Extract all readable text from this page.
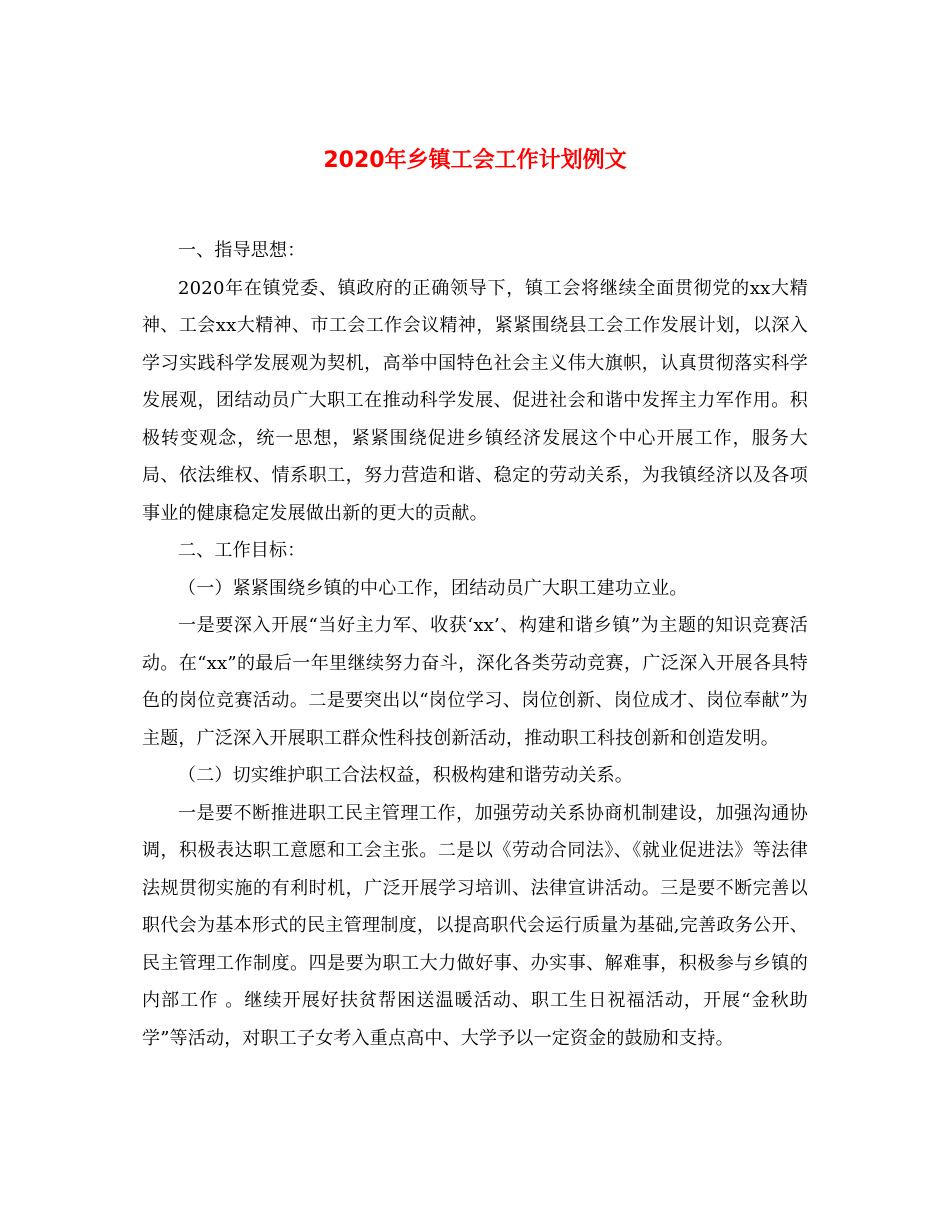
2020年乡镇工会工作计划例文

一、指导思想：

2020年在镇党委、镇政府的正确领导下，镇工会将继续全面贯彻党的xx大精神、工会xx大精神、市工会工作会议精神，紧紧围绕县工会工作发展计划，以深入学习实践科学发展观为契机，高举中国特色社会主义伟大旗帜，认真贯彻落实科学发展观，团结动员广大职工在推动科学发展、促进社会和谐中发挥主力军作用。积极转变观念，统一思想，紧紧围绕促进乡镇经济发展这个中心开展工作，服务大局、依法维权、情系职工，努力营造和谐、稳定的劳动关系，为我镇经济以及各项事业的健康稳定发展做出新的更大的贡献。

二、工作目标：

（一）紧紧围绕乡镇的中心工作，团结动员广大职工建功立业。

一是要深入开展“当好主力军、收获‘xx’、构建和谐乡镇”为主题的知识竞赛活动。在“xx”的最后一年里继续努力奋斗，深化各类劳动竞赛，广泛深入开展各具特色的岗位竞赛活动。二是要突出以“岗位学习、岗位创新、岗位成才、岗位奉献”为主题，广泛深入开展职工群众性科技创新活动，推动职工科技创新和创造发明。

（二）切实维护职工合法权益，积极构建和谐劳动关系。

一是要不断推进职工民主管理工作，加强劳动关系协商机制建设，加强沟通协调，积极表达职工意愿和工会主张。二是以《劳动合同法》、《就业促进法》等法律法规贯彻实施的有利时机，广泛开展学习培训、法律宣讲活动。三是要不断完善以职代会为基本形式的民主管理制度，以提高职代会运行质量为基础,完善政务公开、民主管理工作制度。四是要为职工大力做好事、办实事、解难事，积极参与乡镇的内部工作 。继续开展好扶贫帮困送温暖活动、职工生日祝福活动，开展“金秋助学”等活动，对职工子女考入重点高中、大学予以一定资金的鼓励和支持。
